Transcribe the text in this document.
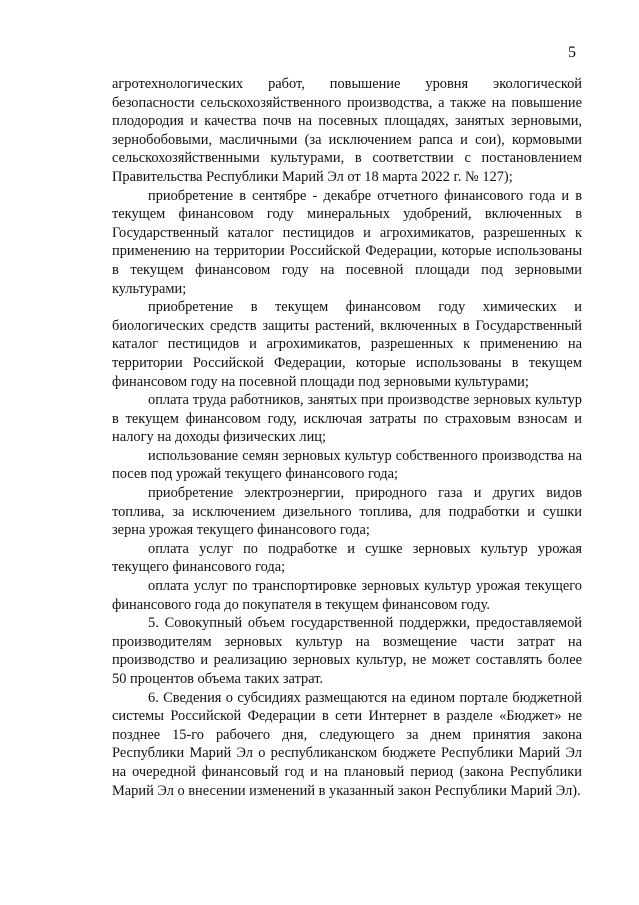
5

агротехнологических работ, повышение уровня экологической безопасности сельскохозяйственного производства, а также на повышение плодородия и качества почв на посевных площадях, занятых зерновыми, зернобобовыми, масличными (за исключением рапса и сои), кормовыми сельскохозяйственными культурами, в соответствии с постановлением Правительства Республики Марий Эл от 18 марта 2022 г. № 127);

приобретение в сентябре - декабре отчетного финансового года и в текущем финансовом году минеральных удобрений, включенных в Государственный каталог пестицидов и агрохимикатов, разрешенных к применению на территории Российской Федерации, которые использованы в текущем финансовом году на посевной площади под зерновыми культурами;

приобретение в текущем финансовом году химических и биологических средств защиты растений, включенных в Государственный каталог пестицидов и агрохимикатов, разрешенных к применению на территории Российской Федерации, которые использованы в текущем финансовом году на посевной площади под зерновыми культурами;

оплата труда работников, занятых при производстве зерновых культур в текущем финансовом году, исключая затраты по страховым взносам и налогу на доходы физических лиц;

использование семян зерновых культур собственного производства на посев под урожай текущего финансового года;

приобретение электроэнергии, природного газа и других видов топлива, за исключением дизельного топлива, для подработки и сушки зерна урожая текущего финансового года;

оплата услуг по подработке и сушке зерновых культур урожая текущего финансового года;

оплата услуг по транспортировке зерновых культур урожая текущего финансового года до покупателя в текущем финансовом году.

5. Совокупный объем государственной поддержки, предоставляемой производителям зерновых культур на возмещение части затрат на производство и реализацию зерновых культур, не может составлять более 50 процентов объема таких затрат.

6. Сведения о субсидиях размещаются на едином портале бюджетной системы Российской Федерации в сети Интернет в разделе «Бюджет» не позднее 15-го рабочего дня, следующего за днем принятия закона Республики Марий Эл о республиканском бюджете Республики Марий Эл на очередной финансовый год и на плановый период (закона Республики Марий Эл о внесении изменений в указанный закон Республики Марий Эл).
